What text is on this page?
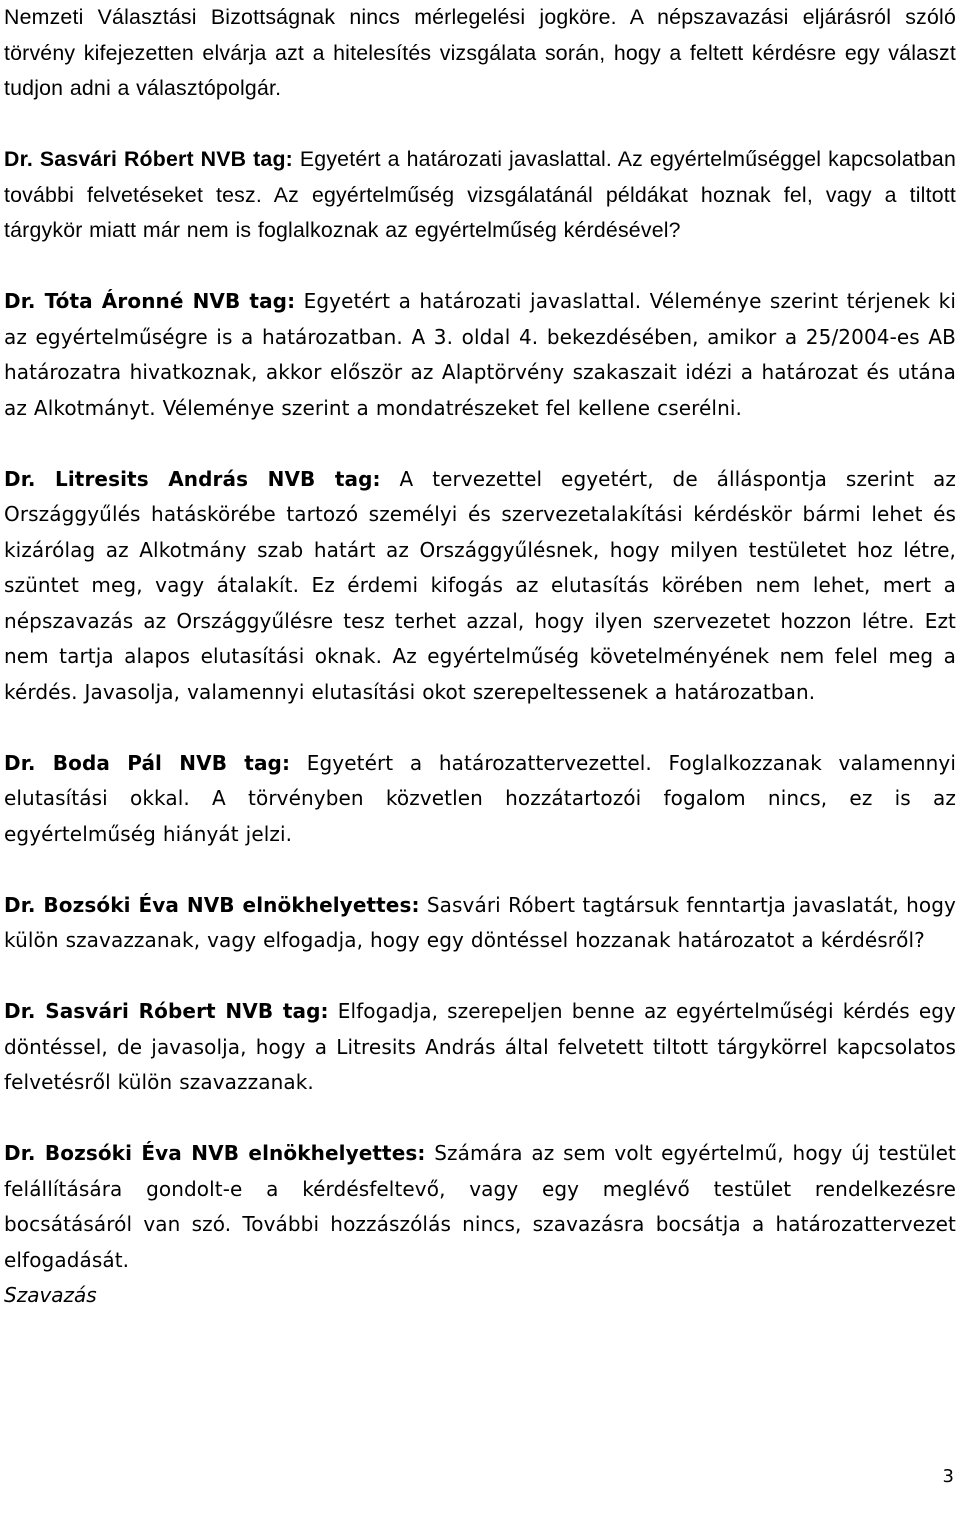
Nemzeti Választási Bizottságnak nincs mérlegelési jogköre. A népszavazási eljárásról szóló törvény kifejezetten elvárja azt a hitelesítés vizsgálata során, hogy a feltett kérdésre egy választ tudjon adni a választópolgár.

Dr. Sasvári Róbert NVB tag: Egyetért a határozati javaslattal. Az egyértelműséggel kapcsolatban további felvetéseket tesz. Az egyértelműség vizsgálatánál példákat hoznak fel, vagy a tiltott tárgykör miatt már nem is foglalkoznak az egyértelműség kérdésével?

Dr. Tóta Áronné NVB tag: Egyetért a határozati javaslattal. Véleménye szerint térjenek ki az egyértelműségre is a határozatban. A 3. oldal 4. bekezdésében, amikor a 25/2004-es AB határozatra hivatkoznak, akkor először az Alaptörvény szakaszait idézi a határozat és utána az Alkotmányt. Véleménye szerint a mondatrészeket fel kellene cserélni.

Dr. Litresits András NVB tag: A tervezettel egyetért, de álláspontja szerint az Országgyűlés hatáskörébe tartozó személyi és szervezetalakítási kérdéskör bármi lehet és kizárólag az Alkotmány szab határt az Országgyűlésnek, hogy milyen testületet hoz létre, szüntet meg, vagy átalakít. Ez érdemi kifogás az elutasítás körében nem lehet, mert a népszavazás az Országgyűlésre tesz terhet azzal, hogy ilyen szervezetet hozzon létre. Ezt nem tartja alapos elutasítási oknak. Az egyértelműség követelményének nem felel meg a kérdés. Javasolja, valamennyi elutasítási okot szerepeltessenek a határozatban.

Dr. Boda Pál NVB tag: Egyetért a határozattervezettel. Foglalkozzanak valamennyi elutasítási okkal. A törvényben közvetlen hozzátartozói fogalom nincs, ez is az egyértelműség hiányát jelzi.

Dr. Bozsóki Éva NVB elnökhelyettes: Sasvári Róbert tagtársuk fenntartja javaslatát, hogy külön szavazzanak, vagy elfogadja, hogy egy döntéssel hozzanak határozatot a kérdésről?

Dr. Sasvári Róbert NVB tag: Elfogadja, szerepeljen benne az egyértelműségi kérdés egy döntéssel, de javasolja, hogy a Litresits András által felvetett tiltott tárgykörrel kapcsolatos felvetésről külön szavazzanak.

Dr. Bozsóki Éva NVB elnökhelyettes: Számára az sem volt egyértelmű, hogy új testület felállítására gondolt-e a kérdésfeltevő, vagy egy meglévő testület rendelkezésre bocsátásáról van szó. További hozzászólás nincs, szavazásra bocsátja a határozattervezet elfogadását.

Szavazás

3
